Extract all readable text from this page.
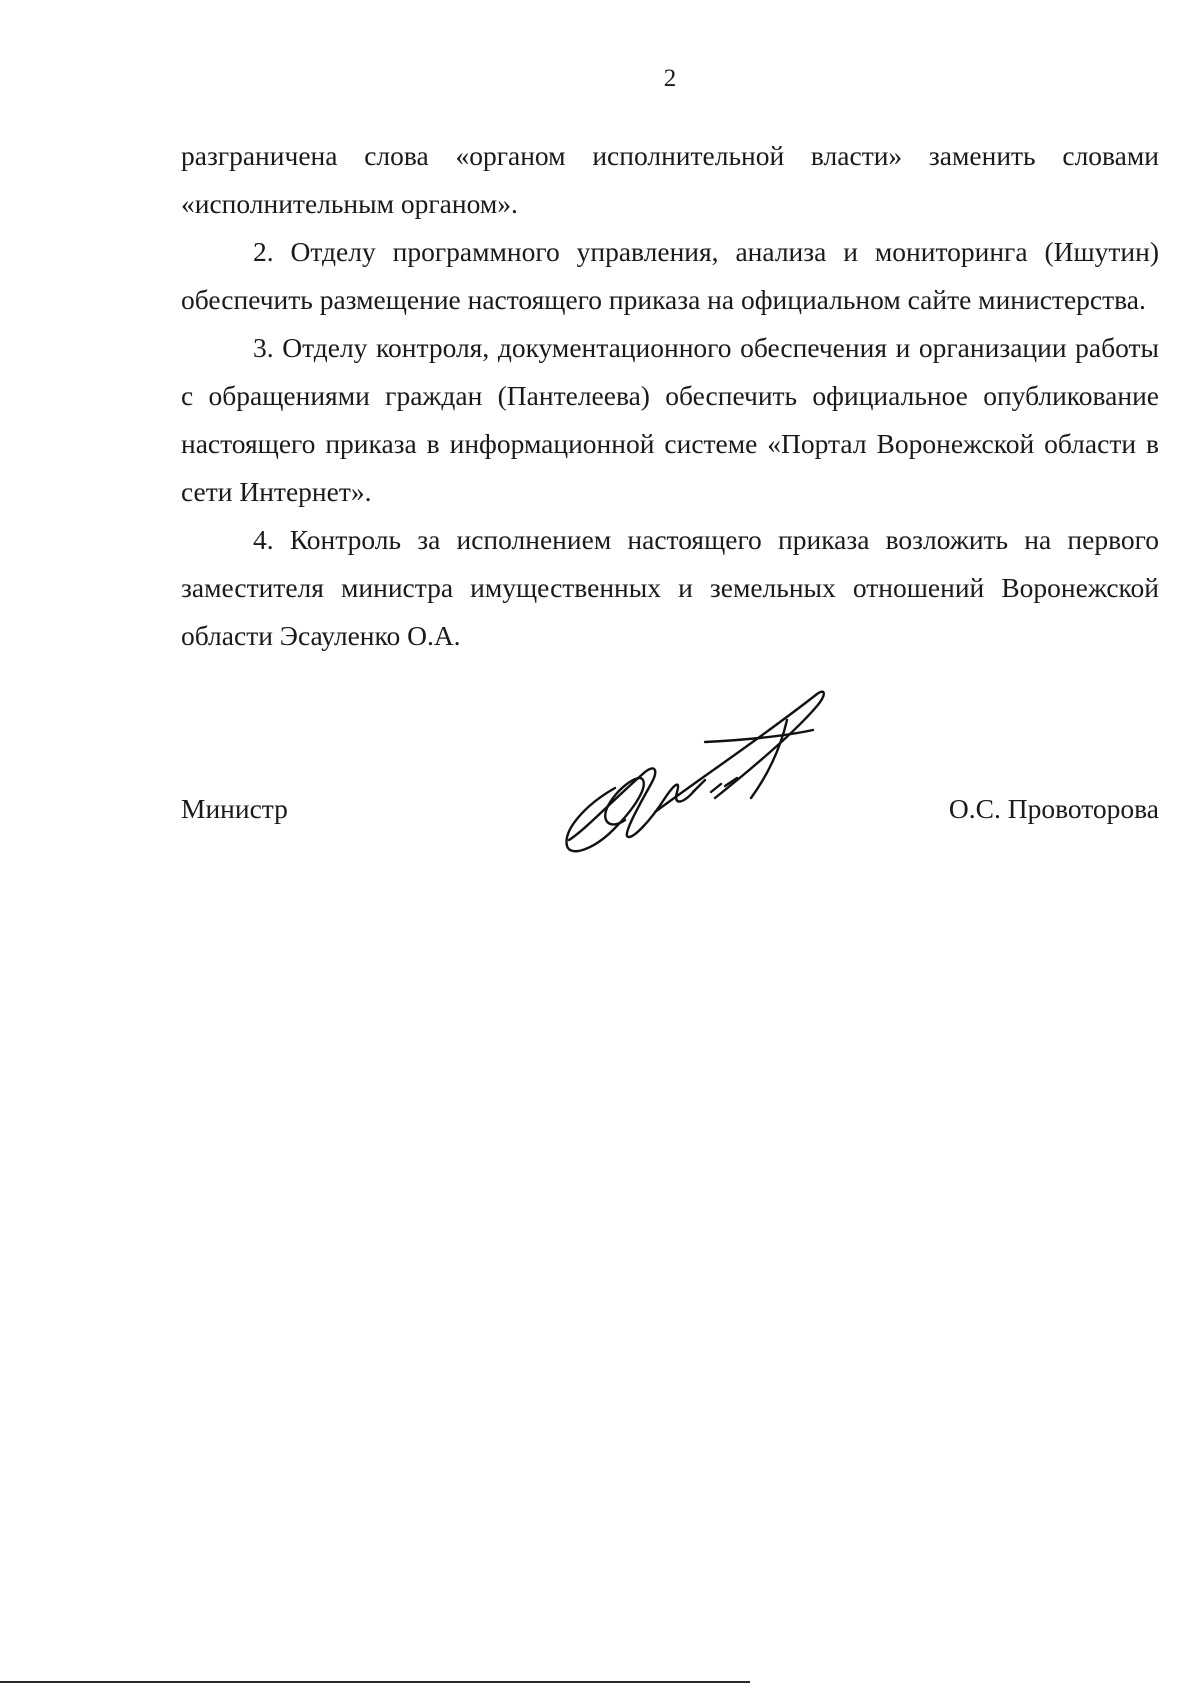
2

разграничена слова «органом исполнительной власти» заменить словами «исполнительным органом».

2. Отделу программного управления, анализа и мониторинга (Ишутин) обеспечить размещение настоящего приказа на официальном сайте министерства.

3. Отделу контроля, документационного обеспечения и организации работы с обращениями граждан (Пантелеева) обеспечить официальное опубликование настоящего приказа в информационной системе «Портал Воронежской области в сети Интернет».

4. Контроль за исполнением настоящего приказа возложить на первого заместителя министра имущественных и земельных отношений Воронежской области Эсауленко О.А.

Министр	О.С. Провоторова
